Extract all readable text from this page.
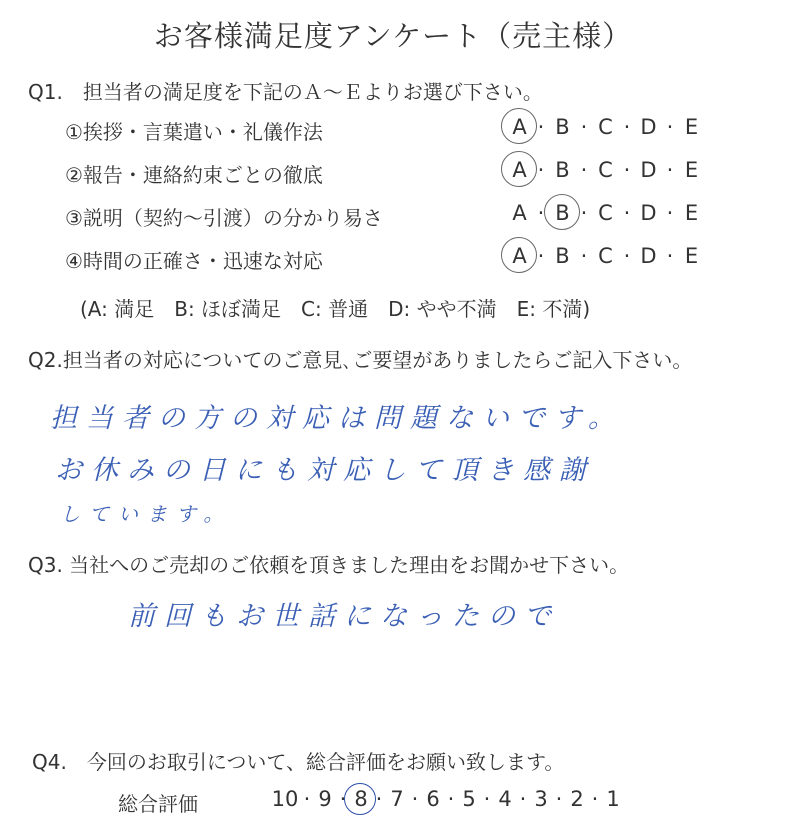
お客様満足度アンケート（売主様）
Q1.　担当者の満足度を下記のＡ～Ｅよりお選び下さい。
①挨拶・言葉遣い・礼儀作法	A · B · C · D · E
②報告・連絡約束ごとの徹底	A · B · C · D · E
③説明（契約～引渡）の分かり易さ	A · B · C · D · E
④時間の正確さ・迅速な対応	A · B · C · D · E
(A: 満足　B: ほぼ満足　C: 普通　D: やや不満　E: 不満)
Q2.担当者の対応についてのご意見､ご要望がありましたらご記入下さい。
担当者の方の対応は問題ないです。
お休みの日にも対応して頂き感謝
しています。
Q3. 当社へのご売却のご依頼を頂きました理由をお聞かせ下さい。
前回もお世話になったので
Q4.　今回のお取引について、総合評価をお願い致します。
総合評価	10 · 9 · 8 · 7 · 6 · 5 · 4 · 3 · 2 · 1
